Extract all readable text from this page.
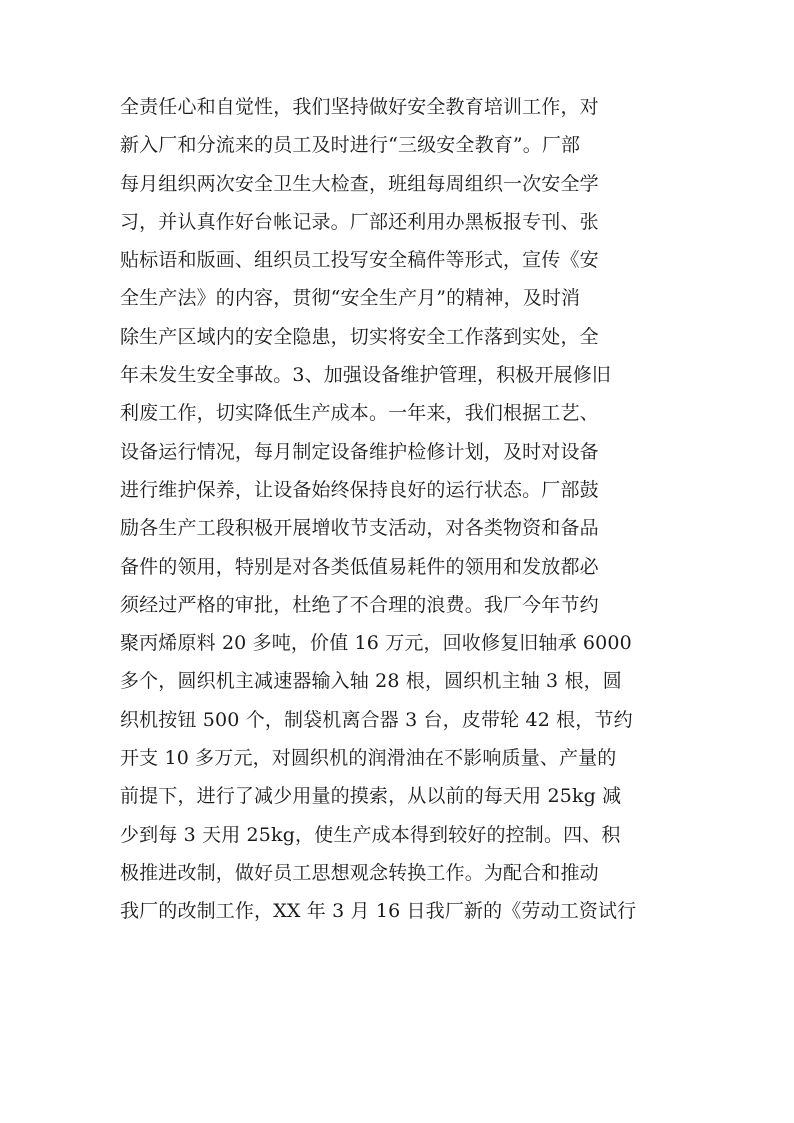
全责任心和自觉性，我们坚持做好安全教育培训工作，对
新入厂和分流来的员工及时进行“三级安全教育”。厂部
每月组织两次安全卫生大检查，班组每周组织一次安全学
习，并认真作好台帐记录。厂部还利用办黑板报专刊、张
贴标语和版画、组织员工投写安全稿件等形式，宣传《安
全生产法》的内容，贯彻“安全生产月”的精神，及时消
除生产区域内的安全隐患，切实将安全工作落到实处，全
年未发生安全事故。3、加强设备维护管理，积极开展修旧
利废工作，切实降低生产成本。一年来，我们根据工艺、
设备运行情况，每月制定设备维护检修计划，及时对设备
进行维护保养，让设备始终保持良好的运行状态。厂部鼓
励各生产工段积极开展增收节支活动，对各类物资和备品
备件的领用，特别是对各类低值易耗件的领用和发放都必
须经过严格的审批，杜绝了不合理的浪费。我厂今年节约
聚丙烯原料 20 多吨，价值 16 万元，回收修复旧轴承 6000
多个，圆织机主减速器输入轴 28 根，圆织机主轴 3 根，圆
织机按钮 500 个，制袋机离合器 3 台，皮带轮 42 根，节约
开支 10 多万元，对圆织机的润滑油在不影响质量、产量的
前提下，进行了减少用量的摸索，从以前的每天用 25kg 减
少到每 3 天用 25kg，使生产成本得到较好的控制。四、积
极推进改制，做好员工思想观念转换工作。为配合和推动
我厂的改制工作，XX 年 3 月 16 日我厂新的《劳动工资试行
